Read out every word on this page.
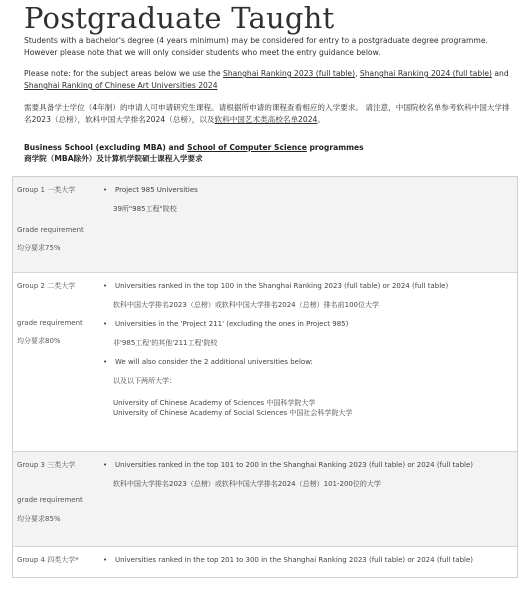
Postgraduate Taught

Students with a bachelor's degree (4 years minimum) may be considered for entry to a postgraduate degree programme. However please note that we will only consider students who meet the entry guidance below.

Please note: for the subject areas below we use the Shanghai Ranking 2023 (full table), Shanghai Ranking 2024 (full table) and Shanghai Ranking of Chinese Art Universities 2024

需要具备学士学位（4年制）的申请人可申请研究生课程。请根据所申请的课程查看相应的入学要求。 请注意，中国院校名单参考软科中国大学排名2023（总榜），软科中国大学排名2024（总榜），以及软科中国艺术类高校名单2024。

Business School (excluding MBA) and School of Computer Science programmes
商学院（MBA除外）及计算机学院硕士课程入学要求
Group 1 一类大学
Grade requirement
均分要求75%
•	Project 985 Universities
39所"985工程"院校
Group 2 二类大学
grade requirement
均分要求80%
•	Universities ranked in the top 100 in the Shanghai Ranking 2023 (full table) or 2024 (full table)
软科中国大学排名2023（总榜）或软科中国大学排名2024（总榜）排名前100位大学
•	Universities in the 'Project 211' (excluding the ones in Project 985)
非'985工程'的其他'211工程'院校
•	We will also consider the 2 additional universities below:
以及以下两所大学：
University of Chinese Academy of Sciences 中国科学院大学
University of Chinese Academy of Social Sciences 中国社会科学院大学
Group 3 三类大学
grade requirement
均分要求85%
•	Universities ranked in the top 101 to 200 in the Shanghai Ranking 2023 (full table) or 2024 (full table)
软科中国大学排名2023（总榜）或软科中国大学排名2024（总榜）101-200位的大学
Group 4 四类大学*	•	Universities ranked in the top 201 to 300 in the Shanghai Ranking 2023 (full table) or 2024 (full table)
